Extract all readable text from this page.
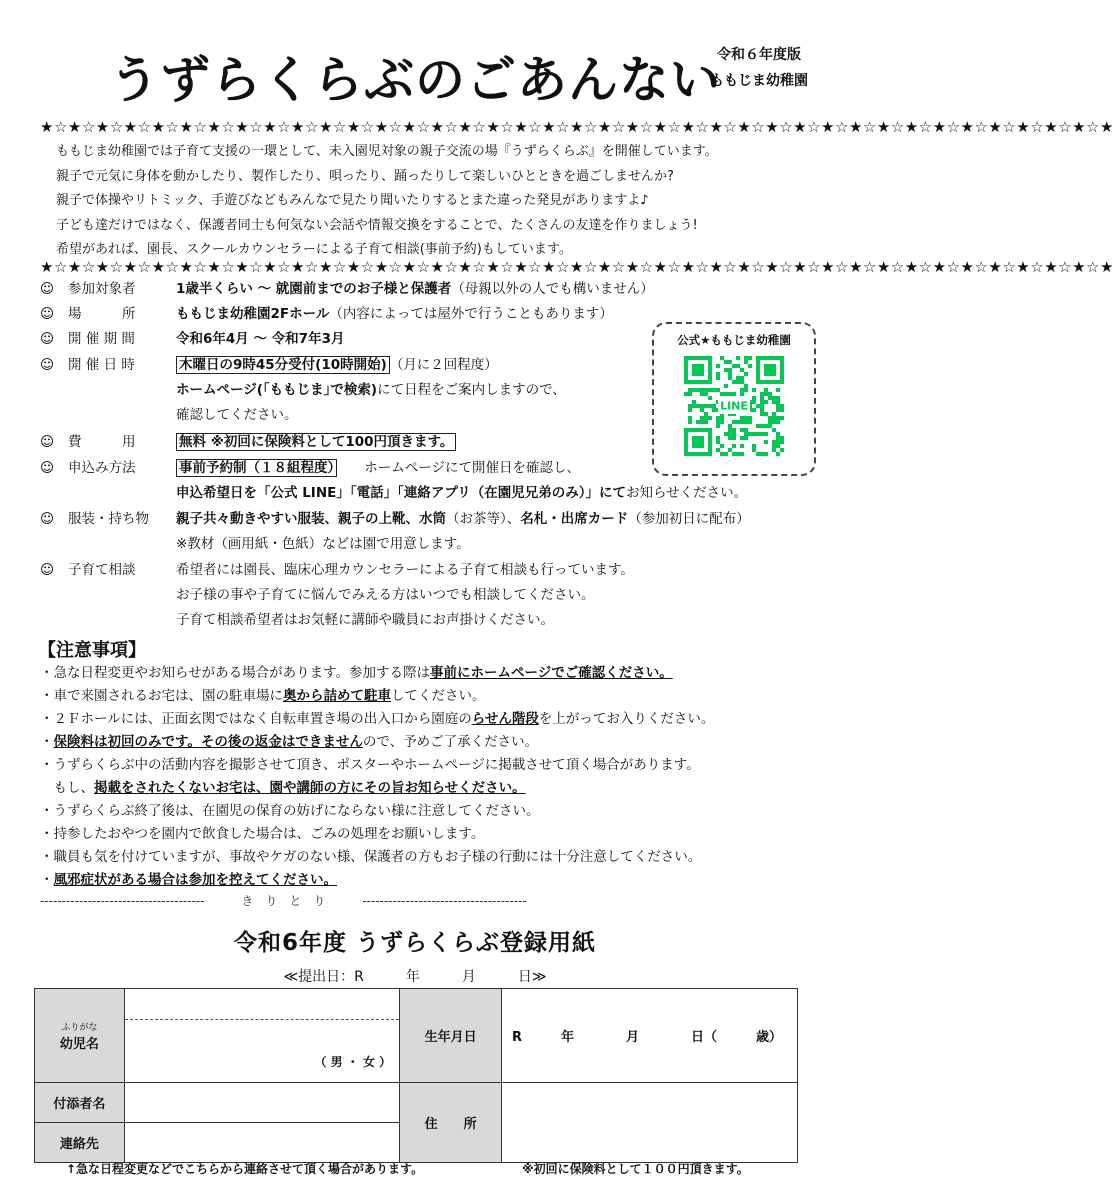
うずらくらぶのごあんない
令和６年度版
ももじま幼稚園
★☆★☆★☆★☆★☆★☆★☆★☆★☆★☆★☆★☆★☆★☆★☆★☆★☆★☆★☆★☆★☆★☆★☆★☆★☆★☆★☆★☆★☆★☆★☆★☆★☆★☆★☆★☆★☆★☆★
ももじま幼稚園では子育て支援の一環として、未入園児対象の親子交流の場『うずらくらぶ』を開催しています。
親子で元気に身体を動かしたり、製作したり、唄ったり、踊ったりして楽しいひとときを過ごしませんか?
親子で体操やリトミック、手遊びなどもみんなで見たり聞いたりするとまた違った発見がありますよ♪
子ども達だけではなく、保護者同士も何気ない会話や情報交換をすることで、たくさんの友達を作りましょう!
希望があれば、園長、スクールカウンセラーによる子育て相談(事前予約)もしています。
★☆★☆★☆★☆★☆★☆★☆★☆★☆★☆★☆★☆★☆★☆★☆★☆★☆★☆★☆★☆★☆★☆★☆★☆★☆★☆★☆★☆★☆★☆★☆★☆★☆★☆★☆★☆★☆★☆★
☺	参加対象者	1歳半くらい ～ 就園前までのお子様と保護者（母親以外の人でも構いません）
☺	場　　　所	ももじま幼稚園2Fホール（内容によっては屋外で行うこともあります）
☺	開 催 期 間	令和6年4月 ～ 令和7年3月
☺	開 催 日 時	木曜日の9時45分受付(10時開始) （月に２回程度）
ホームページ(｢ももじま｣で検索)にて日程をご案内しますので、
確認してください。
☺	費　　　用	無料 ※初回に保険料として100円頂きます。
☺	申込み方法	事前予約制（１８組程度）　　 ホームページにて開催日を確認し、
申込希望日を「公式 LINE」「電話」「連絡アプリ（在園児兄弟のみ）」にてお知らせください。
☺	服装・持ち物	親子共々動きやすい服装、親子の上靴、水筒（お茶等）、名札・出席カード（参加初日に配布）
※教材（画用紙・色紙）などは園で用意します。
☺	子育て相談	希望者には園長、臨床心理カウンセラーによる子育て相談も行っています。
お子様の事や子育てに悩んでみえる方はいつでも相談してください。
子育て相談希望者はお気軽に講師や職員にお声掛けください。
公式★ももじま幼稚園
LINE
【注意事項】
・急な日程変更やお知らせがある場合があります。参加する際は事前にホームページでご確認ください。
・車で来園されるお宅は、園の駐車場に奥から詰めて駐車してください。
・２Ｆホールには、正面玄関ではなく自転車置き場の出入口から園庭のらせん階段を上がってお入りください。
・保険料は初回のみです。その後の返金はできませんので、予めご了承ください。
・うずらくらぶ中の活動内容を撮影させて頂き、ポスターやホームページに掲載させて頂く場合があります。
　もし、掲載をされたくないお宅は、園や講師の方にその旨お知らせください。
・うずらくらぶ終了後は、在園児の保育の妨げにならない様に注意してください。
・持参したおやつを園内で飲食した場合は、ごみの処理をお願いします。
・職員も気を付けていますが、事故やケガのない様、保護者の方もお子様の行動には十分注意してください。
・風邪症状がある場合は参加を控えてください。
--------------------------------------	き　り　と　り	--------------------------------------
令和6年度 うずらくらぶ登録用紙
≪提出日：R　　　年　　　月　　　日≫
ふりがな
幼児名	（ 男 ・ 女 ）	生年月日	R　　　年　　　　月　　　　日（　　　歳）
付添者名		住　　所	
連絡先			
↑急な日程変更などでこちらから連絡させて頂く場合があります。	※初回に保険料として１００円頂きます。
